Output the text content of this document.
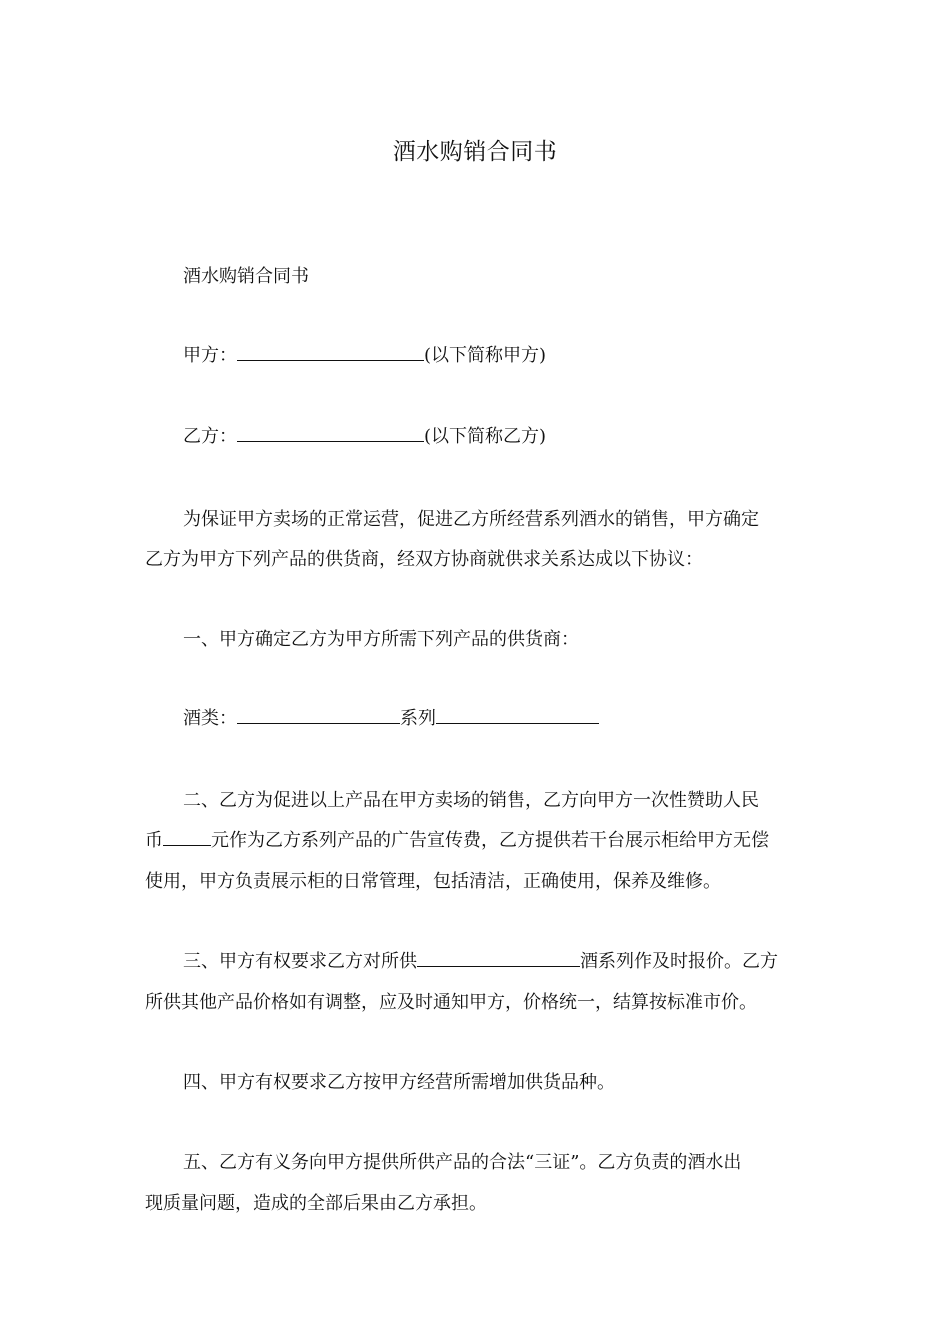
酒水购销合同书
酒水购销合同书
甲方：	(以下简称甲方)
乙方：	(以下简称乙方)
为保证甲方卖场的正常运营，促进乙方所经营系列酒水的销售，甲方确定
乙方为甲方下列产品的供货商，经双方协商就供求关系达成以下协议：
一、甲方确定乙方为甲方所需下列产品的供货商：
酒类：	系列
二、乙方为促进以上产品在甲方卖场的销售，乙方向甲方一次性赞助人民
币	元作为乙方系列产品的广告宣传费，乙方提供若干台展示柜给甲方无偿
使用，甲方负责展示柜的日常管理，包括清洁，正确使用，保养及维修。
三、甲方有权要求乙方对所供	酒系列作及时报价。乙方
所供其他产品价格如有调整，应及时通知甲方，价格统一，结算按标准市价。
四、甲方有权要求乙方按甲方经营所需增加供货品种。
五、乙方有义务向甲方提供所供产品的合法“三证”。乙方负责的酒水出
现质量问题，造成的全部后果由乙方承担。
